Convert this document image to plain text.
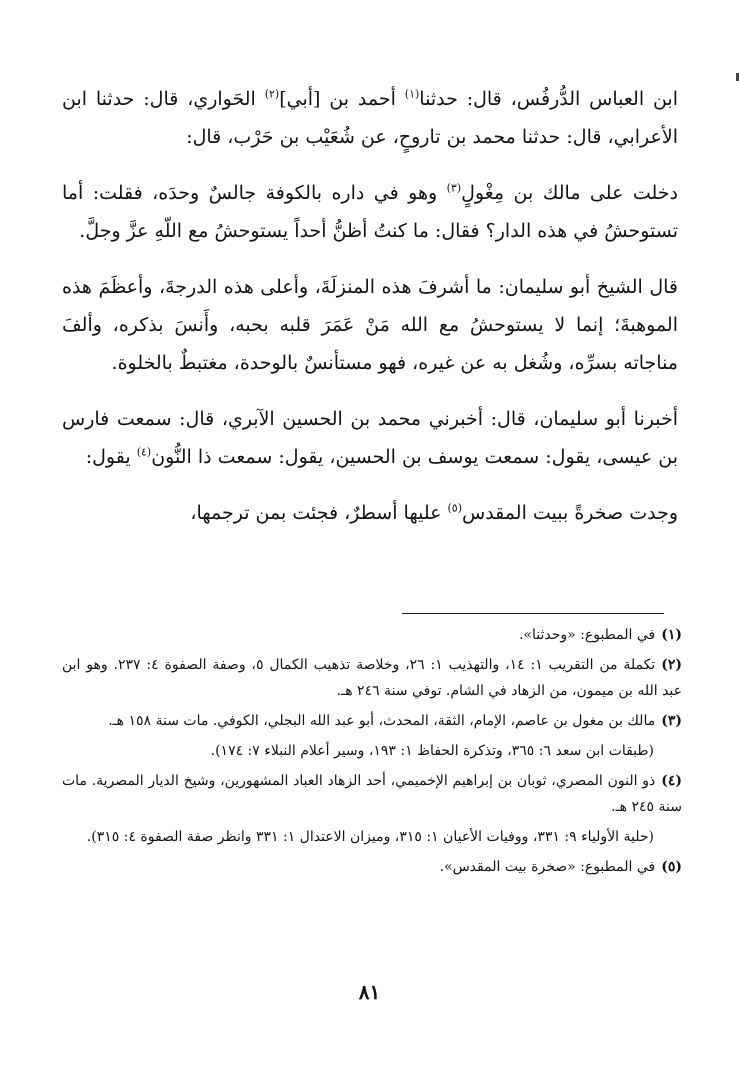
ابن العباس الدُّرفُس، قال: حدثنا$^{(١)}$ أحمد بن [أبي]$^{(٢)}$ الحَواري، قال: حدثنا ابن الأعرابي، قال: حدثنا محمد بن تاروحٍ، عن شُعَيْب بن حَرْب، قال:

دخلت على مالك بن مِغْولٍ$^{(٣)}$ وهو في داره بالكوفة جالسٌ وحدَه، فقلت: أما تستوحشُ في هذه الدار؟ فقال: ما كنتُ أظنُّ أحداً يستوحشُ مع اللّهِ عزَّ وجلَّ.

قال الشيخ أبو سليمان: ما أشرفَ هذه المنزلَةَ، وأعلى هذه الدرجةَ، وأعظَمَ هذه الموهبةَ؛ إنما لا يستوحشُ مع الله مَنْ عَمَرَ قلبه بحبه، وأَنسَ بذكره، وألفَ مناجاته بسرِّه، وشُغل به عن غيره، فهو مستأنسٌ بالوحدة، مغتبطٌ بالخلوة.

أخبرنا أبو سليمان، قال: أخبرني محمد بن الحسين الآبري، قال: سمعت فارس بن عيسى، يقول: سمعت يوسف بن الحسين، يقول: سمعت ذا النُّون$^{(٤)}$ يقول:

وجدت صخرةً ببيت المقدس$^{(٥)}$ عليها أسطرٌ، فجئت بمن ترجمها،

(١)في المطبوع: «وحدثنا».

(٢)تكملة من التقريب ١: ١٤، والتهذيب ١: ٢٦، وخلاصة تذهيب الكمال ٥، وصفة الصفوة ٤: ٢٣٧. وهو ابن عبد الله بن ميمون، من الزهاد في الشام. توفي سنة ٢٤٦ هـ.

(٣)مالك بن مغول بن عاصم، الإمام، الثقة، المحدث، أبو عبد الله البجلي، الكوفي. مات سنة ١٥٨ هـ.

(طبقات ابن سعد ٦: ٣٦٥، وتذكرة الحفاظ ١: ١٩٣، وسير أعلام النبلاء ٧: ١٧٤).

(٤)ذو النون المصري، ثوبان بن إبراهيم الإخميمي، أحد الزهاد العباد المشهورين، وشيخ الديار المصرية. مات سنة ٢٤٥ هـ.

(حلية الأولياء ٩: ٣٣١، ووفيات الأعيان ١: ٣١٥، وميزان الاعتدال ١: ٣٣١ وانظر صفة الصفوة ٤: ٣١٥).

(٥)في المطبوع: «صخرة بيت المقدس».

٨١
